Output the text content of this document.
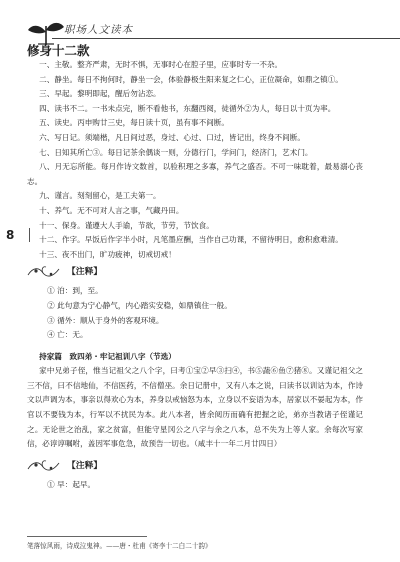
职场人文读本
修身十二款
8

一、主敬。整齐严肃，无时不惧，无事时心在腔子里，应事时专一不杂。

二、静坐。每日不拘何时，静坐一会，体验静极生阳来复之仁心，正位凝命，如鼎之镇①。

三、早起。黎明即起，醒后勿沾恋。

四、读书不二。一书未点完，断不看他书，东翻西阅，徒循外②为人，每日以十页为率。

五、读史。丙申购廿三史，每日读十页，虽有事不间断。

六、写日记。须端楷，凡日间过恶，身过、心过、口过，皆记出，终身不间断。

七、日知其所亡③。每日记茶余偶谈一则，分德行门，学问门，经济门，艺术门。

八、月无忘所能。每月作诗文数首，以验积理之多寡，养气之盛否。不可一味耽着，最易溺心丧志。

九、谨言。刻刻留心，是工夫第一。

十、养气。无不可对人言之事，气藏丹田。

十一、保身。谨遵大人手谕，节欲，节劳，节饮食。

十二、作字。早饭后作字半小时，凡笔墨应酬，当作自己功课，不留待明日，愈积愈难清。

十三、夜不出门，旷功疲神，切戒切戒！

【注释】

① 泊：到，至。

② 此句意为宁心静气，内心踏实安稳，如鼎镇住一般。

③ 循外：顺从于身外的客观环境。

④ 亡：无。

持家篇　致四弟・牢记祖训八字（节选）

家中兄弟子侄，惟当记祖父之八个字，曰考①宝②早③扫④，书⑤蔬⑥鱼⑦猪⑧。又谨记祖父之三不信，曰不信地仙，不信医药，不信僧巫。余日记册中，又有八本之说，曰读书以训诂为本，作诗文以声调为本，事亲以得欢心为本，养身以戒恼怒为本，立身以不妄语为本，居家以不晏起为本，作官以不要钱为本，行军以不扰民为本。此八本者，皆余阅历而确有把握之论，弟亦当教诸子侄谨记之。无论世之治乱，家之贫富，但能守星冈公之八字与余之八本，总不失为上等人家。余每次写家信，必谆谆嘱咐，盖因军事危急，故预告一切也。（咸丰十一年二月廿四日）

【注释】

① 早：起早。

笔落惊风雨，诗成泣鬼神。——唐・杜甫《寄李十二白二十韵》
